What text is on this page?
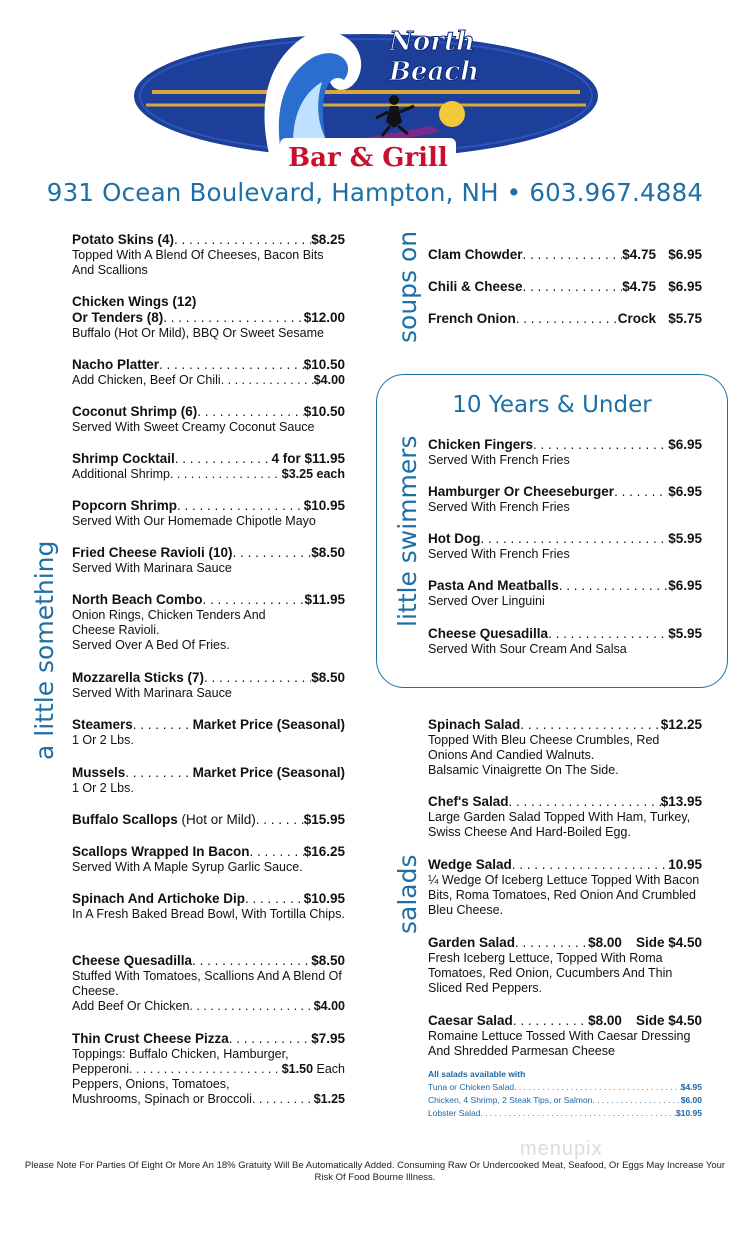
North
Beach
Bar & Grill
931 Ocean Boulevard, Hampton, NH • 603.967.4884
a little something
soups on
little swimmers
salads
Potato Skins (4) . . .	$8.25
Topped With A Blend Of Cheeses, Bacon Bits And Scallions
Chicken Wings (12)
Or Tenders (8) . . .	$12.00
Buffalo (Hot Or Mild), BBQ Or Sweet Sesame
Nacho Platter . . .	$10.50
Add Chicken, Beef Or Chili . . .	$4.00
Coconut Shrimp (6) . . .	$10.50
Served With Sweet Creamy Coconut Sauce
Shrimp Cocktail . . .	4 for $11.95
Additional Shrimp . . .	$3.25 each
Popcorn Shrimp . . .	$10.95
Served With Our Homemade Chipotle Mayo
Fried Cheese Ravioli (10) . . .	$8.50
Served With Marinara Sauce
North Beach Combo . . .	$11.95
Onion Rings, Chicken Tenders And Cheese Ravioli.
Served Over A Bed Of Fries.
Mozzarella Sticks (7) . . .	$8.50
Served With Marinara Sauce
Steamers . . .	Market Price (Seasonal)
1 Or 2 Lbs.
Mussels . . .	Market Price (Seasonal)
1 Or 2 Lbs.
Buffalo Scallops
(Hot or Mild) . . .	$15.95
Scallops Wrapped In Bacon . . .	$16.25
Served With A Maple Syrup Garlic Sauce.
Spinach And Artichoke Dip . . .	$10.95
In A Fresh Baked Bread Bowl, With Tortilla Chips.
Cheese Quesadilla . . .	$8.50
Stuffed With Tomatoes, Scallions And A Blend Of Cheese.
Add Beef Or Chicken . . .	$4.00
Thin Crust Cheese Pizza . . .	$7.95
Toppings: Buffalo Chicken, Hamburger,
Pepperoni . . .	$1.50
Each
Peppers, Onions, Tomatoes,
Mushrooms, Spinach or Broccoli . . .	$1.25
Clam Chowder . . .	$4.75 $6.95
Chili & Cheese . . .	$4.75 $6.95
French Onion . . .	Crock $5.75
10 Years & Under
Chicken Fingers . . .	$6.95
Served With French Fries
Hamburger Or Cheeseburger . . .	$6.95
Served With French Fries
Hot Dog . . .	$5.95
Served With French Fries
Pasta And Meatballs . . .	$6.95
Served Over Linguini
Cheese Quesadilla . . .	$5.95
Served With Sour Cream And Salsa
Spinach Salad . . .	$12.25
Topped With Bleu Cheese Crumbles, Red Onions And Candied Walnuts.
Balsamic Vinaigrette On The Side.
Chef's Salad . . .	$13.95
Large Garden Salad Topped With Ham, Turkey, Swiss Cheese And Hard-Boiled Egg.
Wedge Salad . . .	10.95
¼ Wedge Of Iceberg Lettuce Topped With Bacon Bits, Roma Tomatoes, Red Onion And Crumbled Bleu Cheese.
Garden Salad . . .	$8.00 Side $4.50
Fresh Iceberg Lettuce, Topped With Roma Tomatoes, Red Onion, Cucumbers And Thin Sliced Red Peppers.
Caesar Salad . . .	$8.00 Side $4.50
Romaine Lettuce Tossed With Caesar Dressing And Shredded Parmesan Cheese
All salads available with
Tuna or Chicken Salad . . .	$4.95
Chicken, 4 Shrimp, 2 Steak Tips, or Salmon . . .	$6.00
Lobster Salad . . .	$10.95
menupix
Please Note For Parties Of Eight Or More An 18% Gratuity Will Be Automatically Added. Consuming Raw Or Undercooked Meat, Seafood, Or Eggs May Increase Your Risk Of Food Bourne Illness.
